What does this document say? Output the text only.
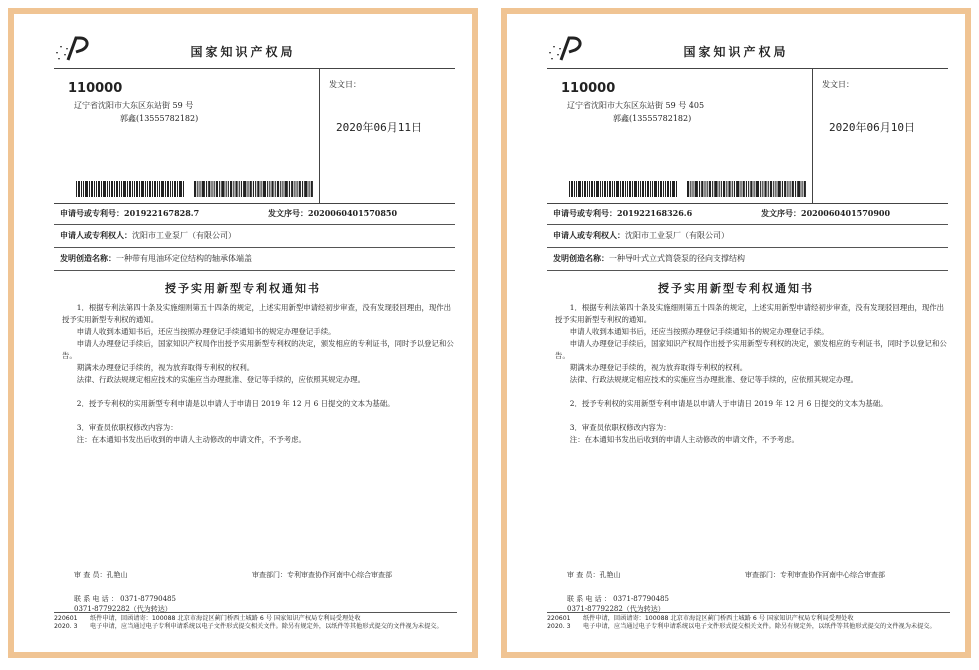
国家知识产权局
110000
辽宁省沈阳市大东区东站街 59 号
郭鑫(13555782182)
发文日：
2020年06月11日
申请号或专利号：201922167828.7	发文序号：2020060401570850
申请人或专利权人：沈阳市工业泵厂（有限公司）
发明创造名称：一种带有甩油环定位结构的轴承体端盖
授予实用新型专利权通知书

1．根据专利法第四十条及实施细则第五十四条的规定，上述实用新型申请经初步审查，没有发现驳回理由，现作出授予实用新型专利权的通知。

申请人收到本通知书后，还应当按照办理登记手续通知书的规定办理登记手续。

申请人办理登记手续后，国家知识产权局作出授予实用新型专利权的决定，颁发相应的专利证书，同时予以登记和公告。

期满未办理登记手续的，视为放弃取得专利权的权利。

法律、行政法规规定相应技术的实施应当办理批准、登记等手续的，应依照其规定办理。

2．授予专利权的实用新型专利申请是以申请人于申请日 2019 年 12 月 6 日提交的文本为基础。

3．审查员依职权修改内容为：

注：在本通知书发出后收到的申请人主动修改的申请文件，不予考虑。

审 查 员：孔艳山	审查部门：专利审查协作河南中心综合审查部
联 系 电 话 ： 0371-87790485
0371-87792282（代为转达）
220601
2020. 3
纸件申请，回函请寄：100088 北京市海淀区蓟门桥西土城路 6 号 国家知识产权局专利局受理处收
电子申请，应当通过电子专利申请系统以电子文件形式提交相关文件。除另有规定外，以纸件等其他形式提交的文件视为未提交。
国家知识产权局
110000
辽宁省沈阳市大东区东站街 59 号 405
郭鑫(13555782182)
发文日：
2020年06月10日
申请号或专利号：201922168326.6	发文序号：2020060401570900
申请人或专利权人：沈阳市工业泵厂（有限公司）
发明创造名称：一种导叶式立式筒袋泵的径向支撑结构
授予实用新型专利权通知书

1．根据专利法第四十条及实施细则第五十四条的规定，上述实用新型申请经初步审查，没有发现驳回理由，现作出授予实用新型专利权的通知。

申请人收到本通知书后，还应当按照办理登记手续通知书的规定办理登记手续。

申请人办理登记手续后，国家知识产权局作出授予实用新型专利权的决定，颁发相应的专利证书，同时予以登记和公告。

期满未办理登记手续的，视为放弃取得专利权的权利。

法律、行政法规规定相应技术的实施应当办理批准、登记等手续的，应依照其规定办理。

2．授予专利权的实用新型专利申请是以申请人于申请日 2019 年 12 月 6 日提交的文本为基础。

3．审查员依职权修改内容为：

注：在本通知书发出后收到的申请人主动修改的申请文件，不予考虑。

审 查 员：孔艳山	审查部门：专利审查协作河南中心综合审查部
联 系 电 话 ： 0371-87790485
0371-87792282（代为转达）
220601
2020. 3
纸件申请，回函请寄：100088 北京市海淀区蓟门桥西土城路 6 号 国家知识产权局专利局受理处收
电子申请，应当通过电子专利申请系统以电子文件形式提交相关文件。除另有规定外，以纸件等其他形式提交的文件视为未提交。
